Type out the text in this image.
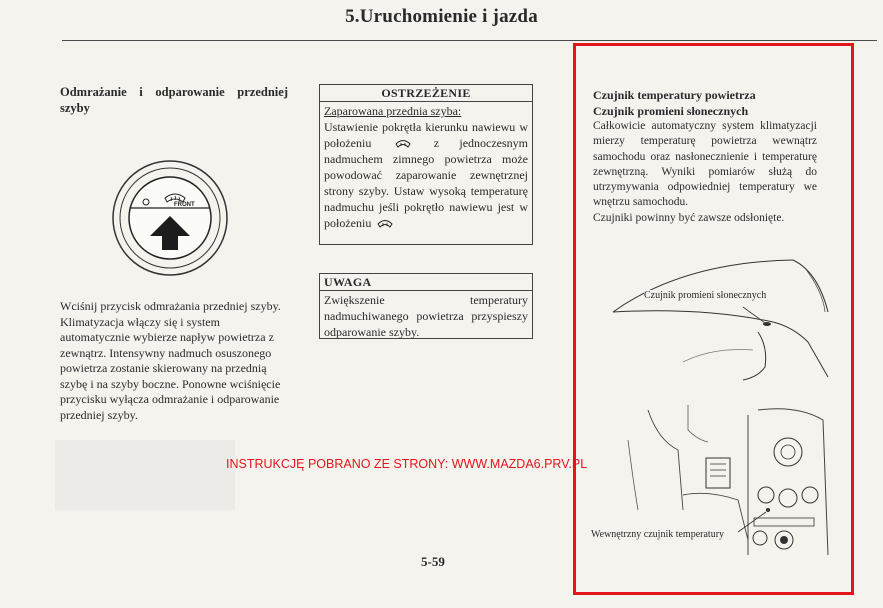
5.Uruchomienie i jazda
Odmrażanie i odparowanie przedniej szyby
FRONT
Wciśnij przycisk odmrażania przedniej szyby. Klimatyzacja włączy się i system automatycznie wybierze napływ powietrza z zewnątrz. Intensywny nadmuch osuszonego powietrza zostanie skierowany na przednią szybę i na szyby boczne. Ponowne wciśnięcie przycisku wyłącza odmrażanie i odparowanie przedniej szyby.
OSTRZEŻENIE
Zaparowana przednia szyba:
Ustawienie pokrętła kierunku nawiewu w położeniu	z jednoczesnym nadmuchem zimnego powietrza może powodować zaparowanie zewnętrznej strony szyby. Ustaw wysoką temperaturę nadmuchu jeśli pokrętło nawiewu jest w położeniu
UWAGA
Zwiększenie temperatury nadmuchiwanego powietrza przyspieszy odparowanie szyby.
Czujnik temperatury powietrza
Czujnik promieni słonecznych
Całkowicie automatyczny system klimatyzacji mierzy temperaturę powietrza wewnątrz samochodu oraz nasłonecznienie i temperaturę zewnętrzną. Wyniki pomiarów służą do utrzymywania odpowiedniej temperatury we wnętrzu samochodu.
Czujniki powinny być zawsze odsłonięte.
Czujnik promieni słonecznych
Wewnętrzny czujnik temperatury
INSTRUKCJĘ POBRANO ZE STRONY: WWW.MAZDA6.PRV.PL
5-59
